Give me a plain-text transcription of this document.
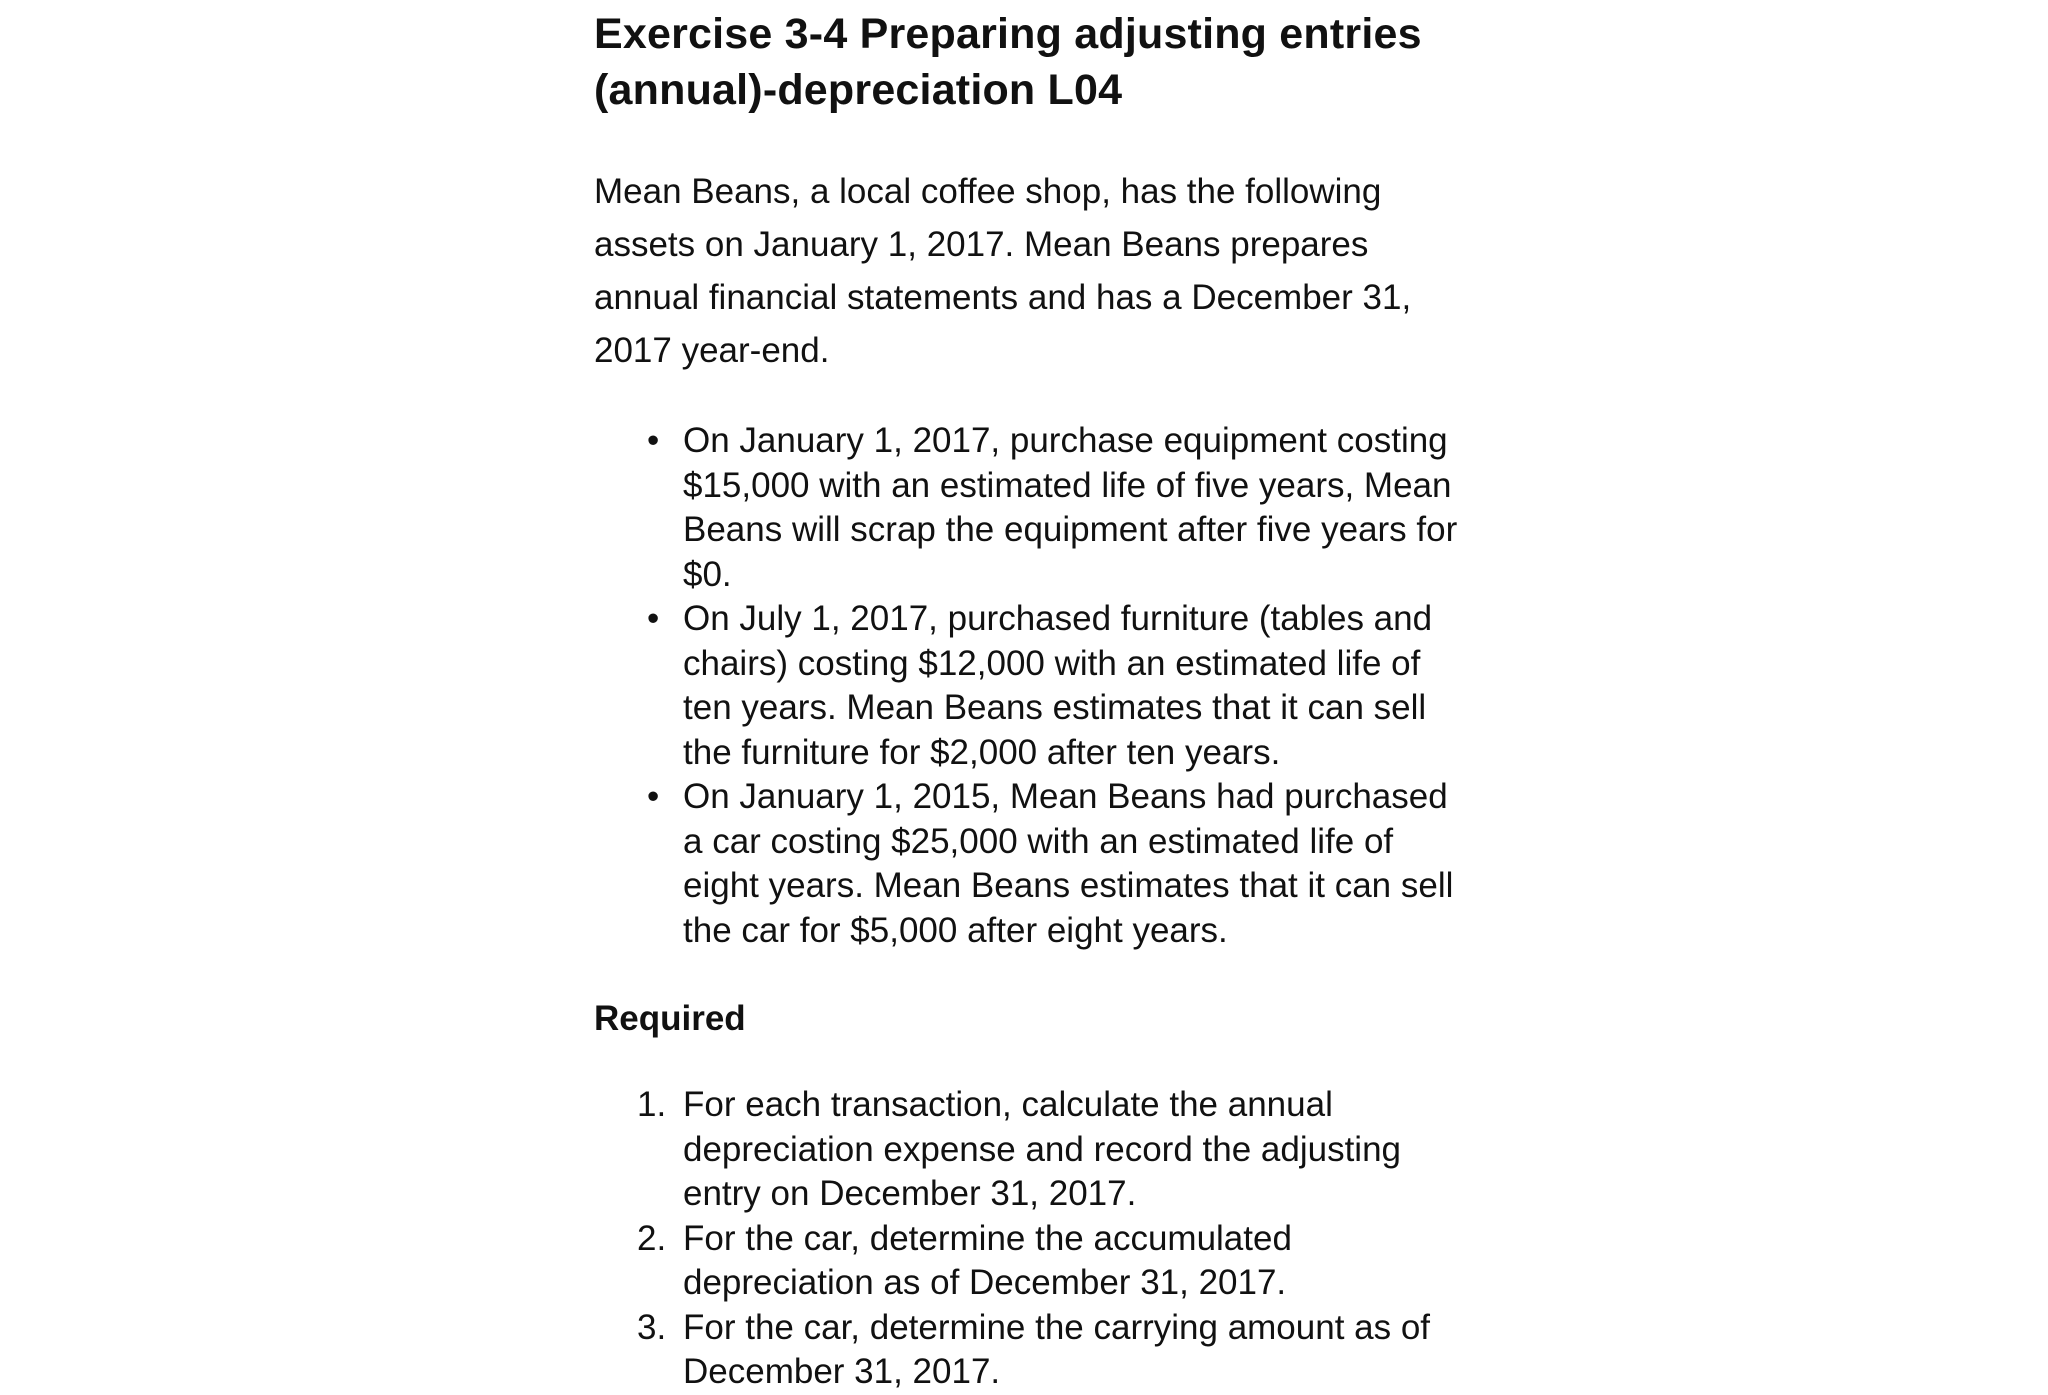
Exercise 3-4 Preparing adjusting entries (annual)-depreciation L04

Mean Beans, a local coffee shop, has the following assets on January 1, 2017. Mean Beans prepares annual financial statements and has a December 31, 2017 year-end.

• On January 1, 2017, purchase equipment costing $15,000 with an estimated life of five years, Mean Beans will scrap the equipment after five years for $0.
• On July 1, 2017, purchased furniture (tables and chairs) costing $12,000 with an estimated life of ten years. Mean Beans estimates that it can sell the furniture for $2,000 after ten years.
• On January 1, 2015, Mean Beans had purchased a car costing $25,000 with an estimated life of eight years. Mean Beans estimates that it can sell the car for $5,000 after eight years.
Required
1. For each transaction, calculate the annual depreciation expense and record the adjusting entry on December 31, 2017.
2. For the car, determine the accumulated depreciation as of December 31, 2017.
3. For the car, determine the carrying amount as of December 31, 2017.
